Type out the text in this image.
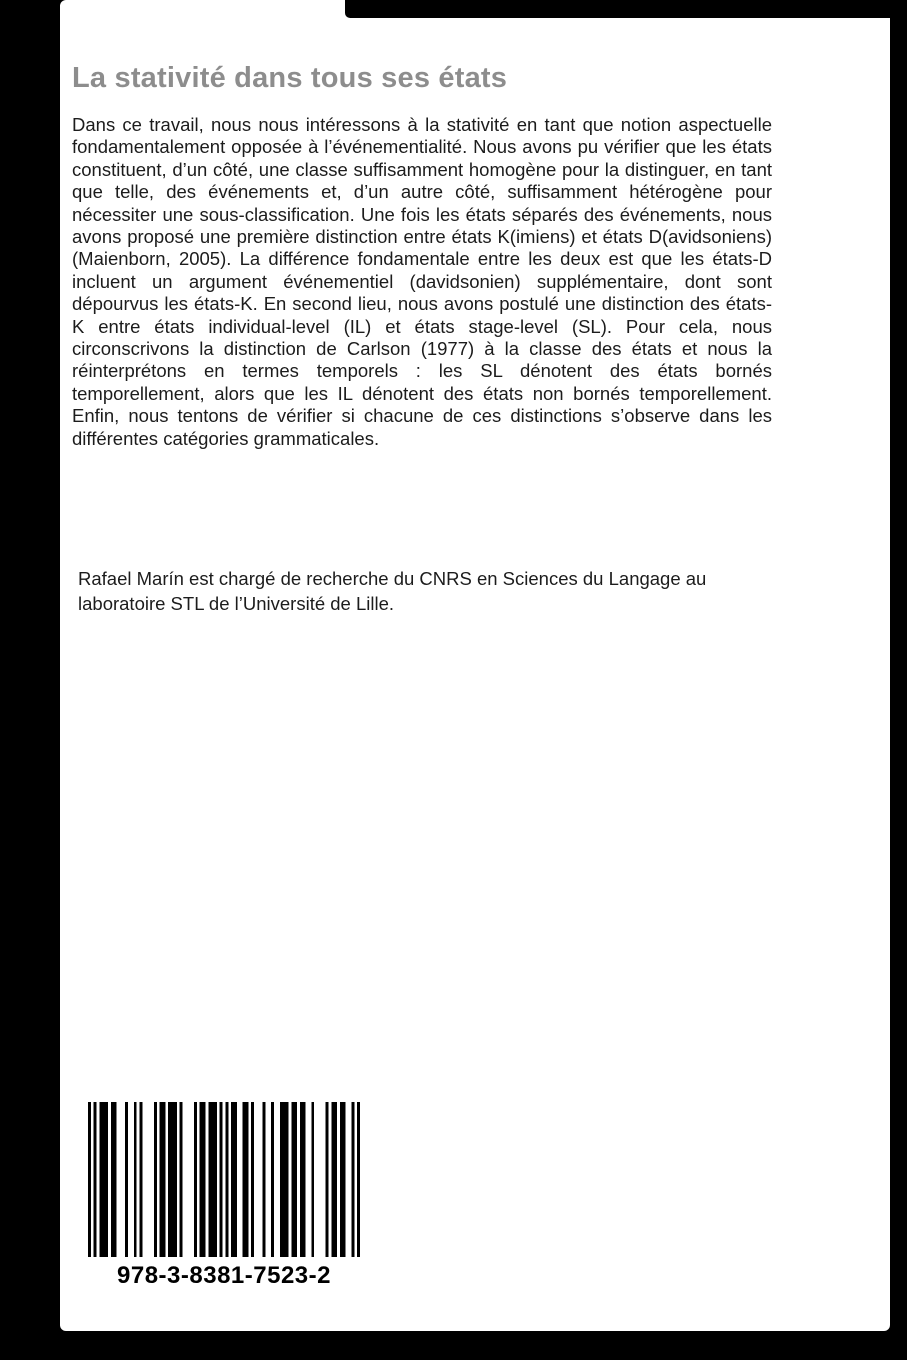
La stativité dans tous ses états

Dans ce travail, nous nous intéressons à la stativité en tant que notion aspectuelle fondamentalement opposée à l’événementialité. Nous avons pu vérifier que les états constituent, d’un côté, une classe suffisamment homogène pour la distinguer, en tant que telle, des événements et, d’un autre côté, suffisamment hétérogène pour nécessiter une sous-classification. Une fois les états séparés des événements, nous avons proposé une première distinction entre états K(imiens) et états D(avidsoniens) (Maienborn, 2005). La différence fondamentale entre les deux est que les états-D incluent un argument événementiel (davidsonien) supplémentaire, dont sont dépourvus les états-K. En second lieu, nous avons postulé une distinction des états-K entre états individual-level (IL) et états stage-level (SL). Pour cela, nous circonscrivons la distinction de Carlson (1977) à la classe des états et nous la réinterprétons en termes temporels : les SL dénotent des états bornés temporellement, alors que les IL dénotent des états non bornés temporellement. Enfin, nous tentons de vérifier si chacune de ces distinctions s’observe dans les différentes catégories grammaticales.

Rafael Marín est chargé de recherche du CNRS en Sciences du Langage au laboratoire STL de l’Université de Lille.

978-3-8381-7523-2
